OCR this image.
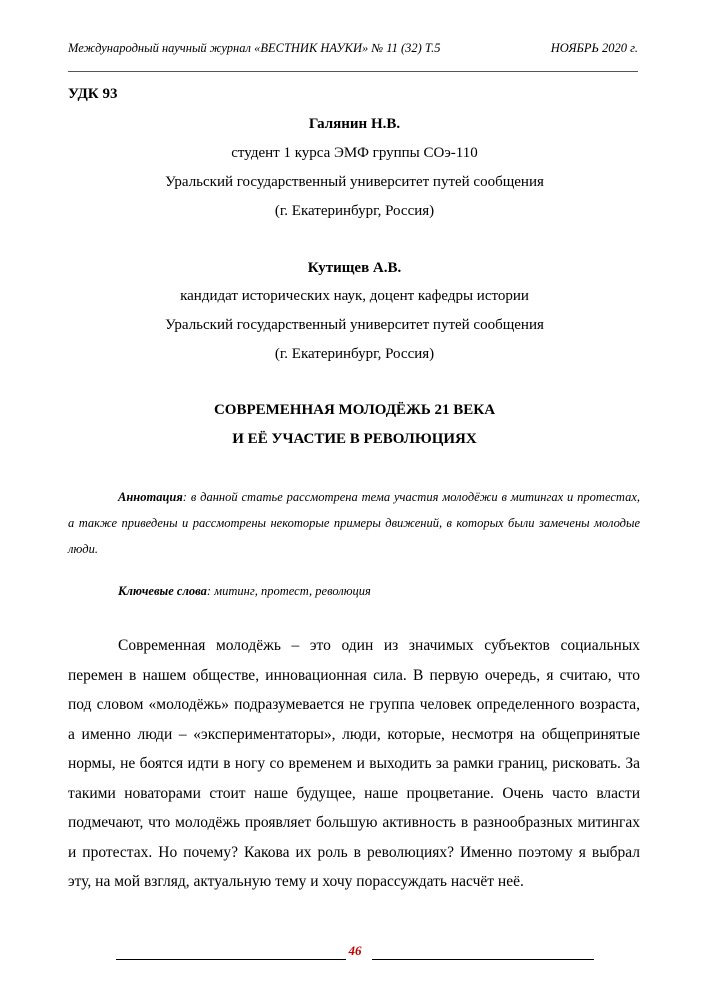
Международный научный журнал «ВЕСТНИК НАУКИ» № 11 (32) Т.5	НОЯБРЬ 2020 г.
УДК 93
Галянин Н.В.
студент 1 курса ЭМФ группы СОэ-110
Уральский государственный университет путей сообщения
(г. Екатеринбург, Россия)
Кутищев А.В.
кандидат исторических наук, доцент кафедры истории
Уральский государственный университет путей сообщения
(г. Екатеринбург, Россия)
СОВРЕМЕННАЯ МОЛОДЁЖЬ 21 ВЕКА
И ЕЁ УЧАСТИЕ В РЕВОЛЮЦИЯХ
Аннотация: в данной статье рассмотрена тема участия молодёжи в митингах и протестах, а также приведены и рассмотрены некоторые примеры движений, в которых были замечены молодые люди.
Ключевые слова: митинг, протест, революция
Современная молодёжь – это один из значимых субъектов социальных перемен в нашем обществе, инновационная сила. В первую очередь, я считаю, что под словом «молодёжь» подразумевается не группа человек определенного возраста, а именно люди – «экспериментаторы», люди, которые, несмотря на общепринятые нормы, не боятся идти в ногу со временем и выходить за рамки границ, рисковать. За такими новаторами стоит наше будущее, наше процветание. Очень часто власти подмечают, что молодёжь проявляет большую активность в разнообразных митингах и протестах. Но почему? Какова их роль в революциях? Именно поэтому я выбрал эту, на мой взгляд, актуальную тему и хочу порассуждать насчёт неё.
46
